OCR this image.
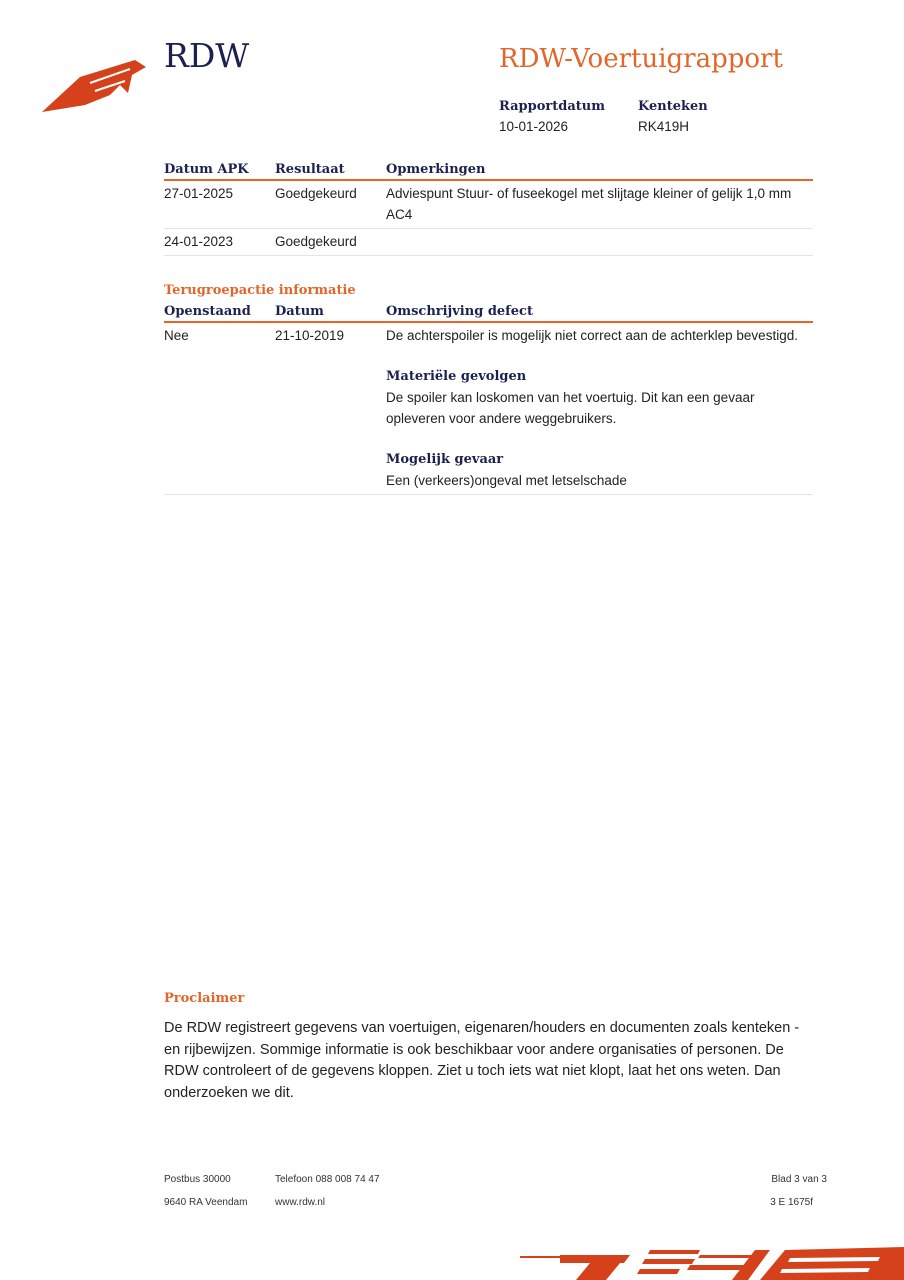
RDW	RDW-Voertuigrapport
Rapportdatum
10-01-2026
Kenteken
RK419H
Datum APK	Resultaat	Opmerkingen
27-01-2025	Goedgekeurd	Adviespunt Stuur- of fuseekogel met slijtage kleiner of gelijk 1,0 mm AC4
24-01-2023	Goedgekeurd	
Terugroepactie informatie
Openstaand	Datum	Omschrijving defect
Nee	21-10-2019	De achterspoiler is mogelijk niet correct aan de achterklep bevestigd.
Materiële gevolgen
De spoiler kan loskomen van het voertuig. Dit kan een gevaar opleveren voor andere weggebruikers.
Mogelijk gevaar
Een (verkeers)ongeval met letselschade
Proclaimer
De RDW registreert gegevens van voertuigen, eigenaren/houders en documenten zoals kenteken - en rijbewijzen. Sommige informatie is ook beschikbaar voor andere organisaties of personen. De RDW controleert of de gegevens kloppen. Ziet u toch iets wat niet klopt, laat het ons weten. Dan onderzoeken we dit.
Postbus 30000
9640 RA Veendam
Telefoon 088 008 74 47
www.rdw.nl
Blad 3 van 3
3 E 1675f
